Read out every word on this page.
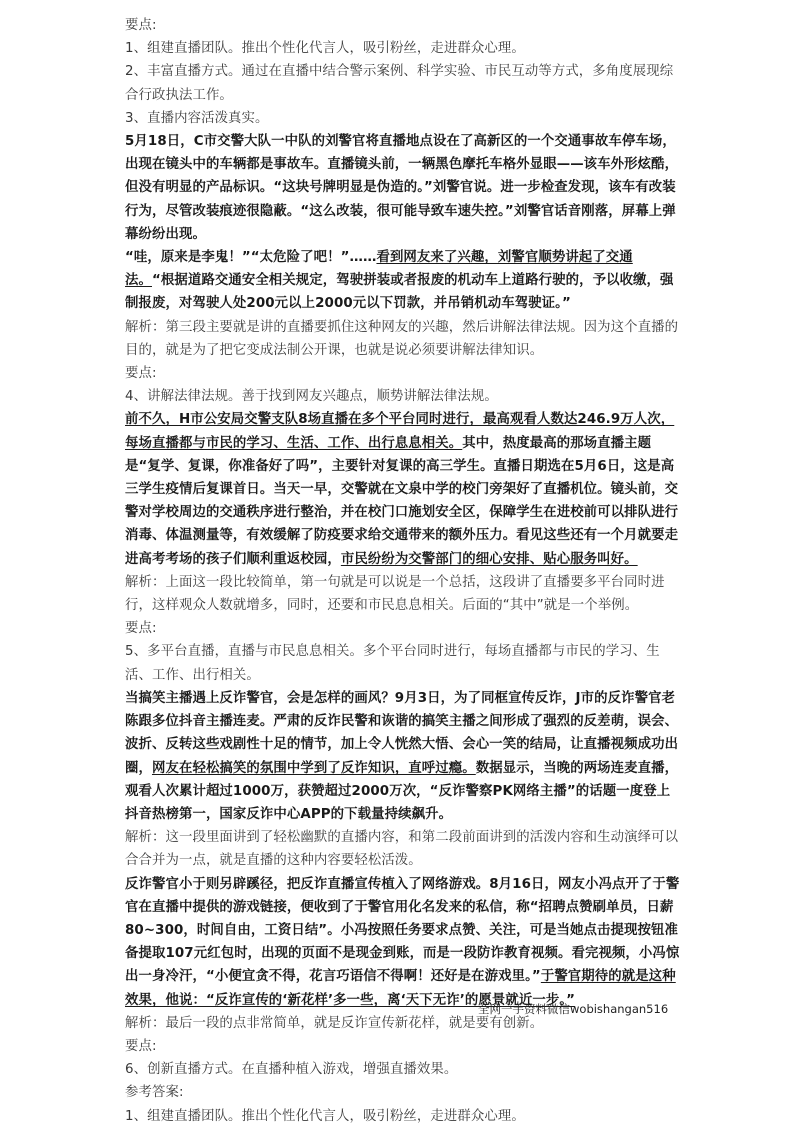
要点:

1、组建直播团队。推出个性化代言人，吸引粉丝，走进群众心理。

2、丰富直播方式。通过在直播中结合警示案例、科学实验、市民互动等方式，多角度展现综合行政执法工作。

3、直播内容活泼真实。

5月18日，C市交警大队一中队的刘警官将直播地点设在了高新区的一个交通事故车停车场，出现在镜头中的车辆都是事故车。直播镜头前，一辆黑色摩托车格外显眼——该车外形炫酷，但没有明显的产品标识。“这块号牌明显是伪造的。”刘警官说。进一步检查发现，该车有改装行为，尽管改装痕迹很隐蔽。“这么改装，很可能导致车速失控。”刘警官话音刚落，屏幕上弹幕纷纷出现。

“哇，原来是李鬼！”“太危险了吧！”……看到网友来了兴趣，刘警官顺势讲起了交通法。“根据道路交通安全相关规定，驾驶拼装或者报废的机动车上道路行驶的，予以收缴，强制报废，对驾驶人处200元以上2000元以下罚款，并吊销机动车驾驶证。”

解析：第三段主要就是讲的直播要抓住这种网友的兴趣，然后讲解法律法规。因为这个直播的目的，就是为了把它变成法制公开课，也就是说必须要讲解法律知识。

要点:

4、讲解法律法规。善于找到网友兴趣点，顺势讲解法律法规。

前不久，H市公安局交警支队8场直播在多个平台同时进行，最高观看人数达246.9万人次，每场直播都与市民的学习、生活、工作、出行息息相关。其中，热度最高的那场直播主题是“复学、复课，你准备好了吗”，主要针对复课的高三学生。直播日期选在5月6日，这是高三学生疫情后复课首日。当天一早，交警就在文泉中学的校门旁架好了直播机位。镜头前，交警对学校周边的交通秩序进行整治，并在校门口施划安全区，保障学生在进校前可以排队进行消毒、体温测量等，有效缓解了防疫要求给交通带来的额外压力。看见这些还有一个月就要走进高考考场的孩子们顺利重返校园，市民纷纷为交警部门的细心安排、贴心服务叫好。

解析：上面这一段比较简单，第一句就是可以说是一个总括，这段讲了直播要多平台同时进行，这样观众人数就增多，同时，还要和市民息息相关。后面的“其中”就是一个举例。

要点:

5、多平台直播，直播与市民息息相关。多个平台同时进行，每场直播都与市民的学习、生活、工作、出行相关。

当搞笑主播遇上反诈警官，会是怎样的画风？9月3日，为了同框宣传反诈，J市的反诈警官老陈跟多位抖音主播连麦。严肃的反诈民警和诙谐的搞笑主播之间形成了强烈的反差萌，误会、波折、反转这些戏剧性十足的情节，加上令人恍然大悟、会心一笑的结局，让直播视频成功出圈，网友在轻松搞笑的氛围中学到了反诈知识，直呼过瘾。数据显示，当晚的两场连麦直播，观看人次累计超过1000万，获赞超过2000万次，“反诈警察PK网络主播”的话题一度登上抖音热榜第一，国家反诈中心APP的下载量持续飙升。

解析：这一段里面讲到了轻松幽默的直播内容，和第二段前面讲到的活泼内容和生动演绎可以合合并为一点，就是直播的这种内容要轻松活泼。

反诈警官小于则另辟蹊径，把反诈直播宣传植入了网络游戏。8月16日，网友小冯点开了于警官在直播中提供的游戏链接，便收到了于警官用化名发来的私信，称“招聘点赞刷单员，日薪80~300，时间自由，工资日结”。小冯按照任务要求点赞、关注，可是当她点击提现按钮准备提取107元红包时，出现的页面不是现金到账，而是一段防诈教育视频。看完视频，小冯惊出一身冷汗，“小便宜贪不得，花言巧语信不得啊！还好是在游戏里。”于警官期待的就是这种效果，他说：“反诈宣传的‘新花样’多一些，离‘天下无诈’的愿景就近一步。”

解析：最后一段的点非常简单，就是反诈宣传新花样，就是要有创新。

要点:

6、创新直播方式。在直播种植入游戏，增强直播效果。

参考答案:

1、组建直播团队。推出个性化代言人，吸引粉丝，走进群众心理。

全网一手资料微信wobishangan516
